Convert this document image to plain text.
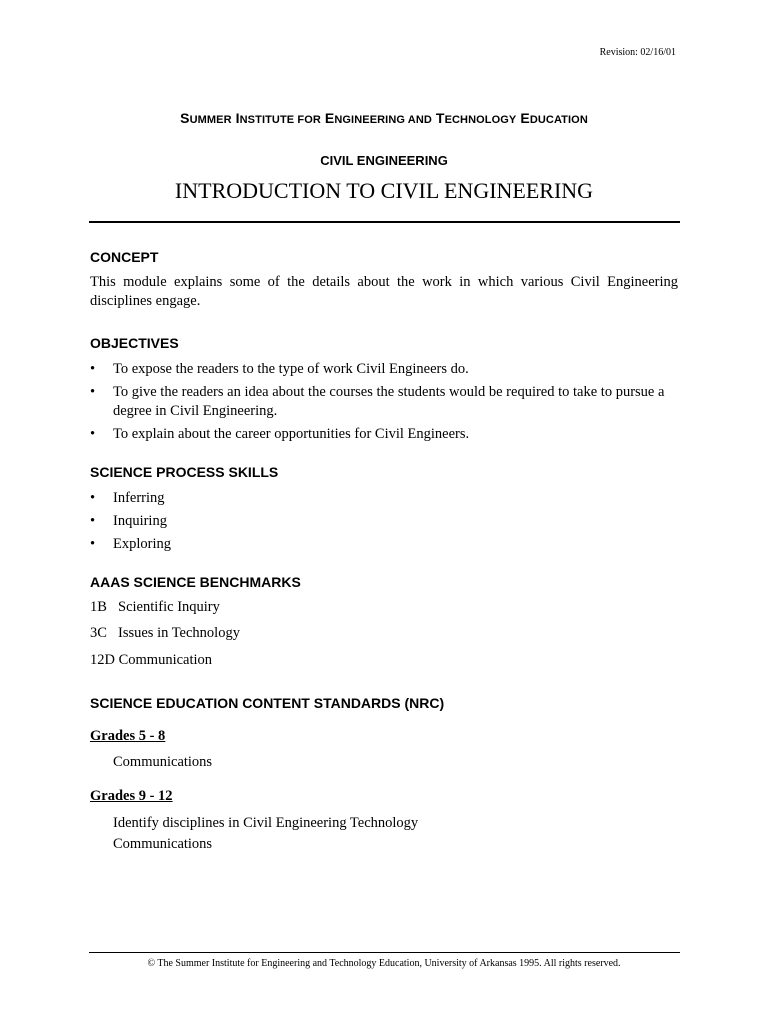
Revision: 02/16/01
SUMMER INSTITUTE FOR ENGINEERING AND TECHNOLOGY EDUCATION
CIVIL ENGINEERING
INTRODUCTION TO CIVIL ENGINEERING
CONCEPT
This module explains some of the details about the work in which various Civil Engineering disciplines engage.
OBJECTIVES
• To expose the readers to the type of work Civil Engineers do.
• To give the readers an idea about the courses the students would be required to take to pursue a degree in Civil Engineering.
• To explain about the career opportunities for Civil Engineers.
SCIENCE PROCESS SKILLS
• Inferring
• Inquiring
• Exploring
AAAS SCIENCE BENCHMARKS
1B Scientific Inquiry
3C Issues in Technology
12D Communication
SCIENCE EDUCATION CONTENT STANDARDS (NRC)
Grades 5 - 8
Communications
Grades 9 - 12
Identify disciplines in Civil Engineering Technology
Communications
© The Summer Institute for Engineering and Technology Education, University of Arkansas 1995. All rights reserved.
